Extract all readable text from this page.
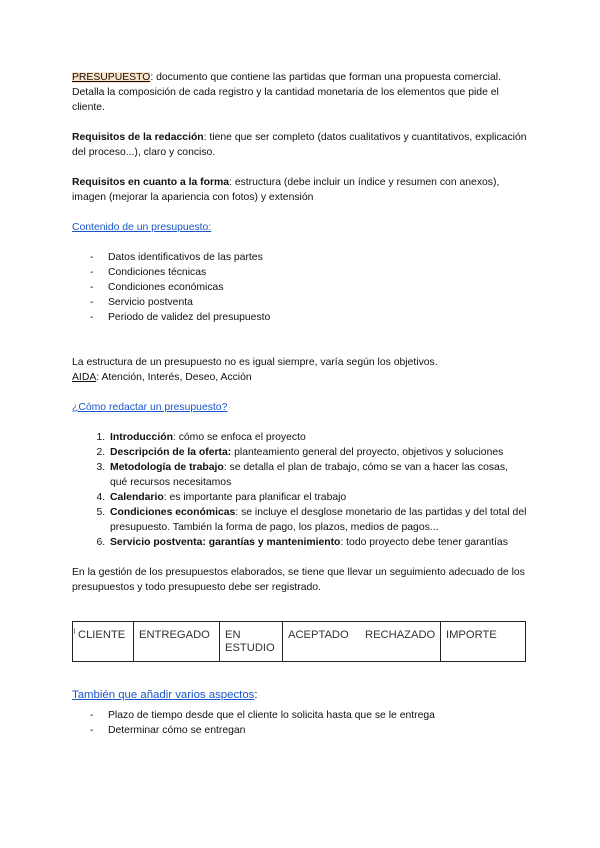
PRESUPUESTO: documento que contiene las partidas que forman una propuesta comercial. Detalla la composición de cada registro y la cantidad monetaria de los elementos que pide el cliente.

Requisitos de la redacción: tiene que ser completo (datos cualitativos y cuantitativos, explicación del proceso...), claro y conciso.

Requisitos en cuanto a la forma: estructura (debe incluir un índice y resumen con anexos), imagen (mejorar la apariencia con fotos) y extensión

Contenido de un presupuesto:

- Datos identificativos de las partes
- Condiciones técnicas
- Condiciones económicas
- Servicio postventa
- Periodo de validez del presupuesto

La estructura de un presupuesto no es igual siempre, varía según los objetivos.

AIDA: Atención, Interés, Deseo, Acción

¿Cómo redactar un presupuesto?

1. Introducción: cómo se enfoca el proyecto
2. Descripción de la oferta: planteamiento general del proyecto, objetivos y soluciones
3. Metodología de trabajo: se detalla el plan de trabajo, cómo se van a hacer las cosas, qué recursos necesitamos
4. Calendario: es importante para planificar el trabajo
5. Condiciones económicas: se incluye el desglose monetario de las partidas y del total del presupuesto. También la forma de pago, los plazos, medios de pagos...
6. Servicio postventa: garantías y mantenimiento: todo proyecto debe tener garantías

En la gestión de los presupuestos elaborados, se tiene que llevar un seguimiento adecuado de los presupuestos y todo presupuesto debe ser registrado.

CLIENTE	ENTREGADO	EN ESTUDIO	ACEPTADO	RECHAZADO	IMPORTE

También que añadir varios aspectos:

- Plazo de tiempo desde que el cliente lo solicita hasta que se le entrega
- Determinar cómo se entregan
